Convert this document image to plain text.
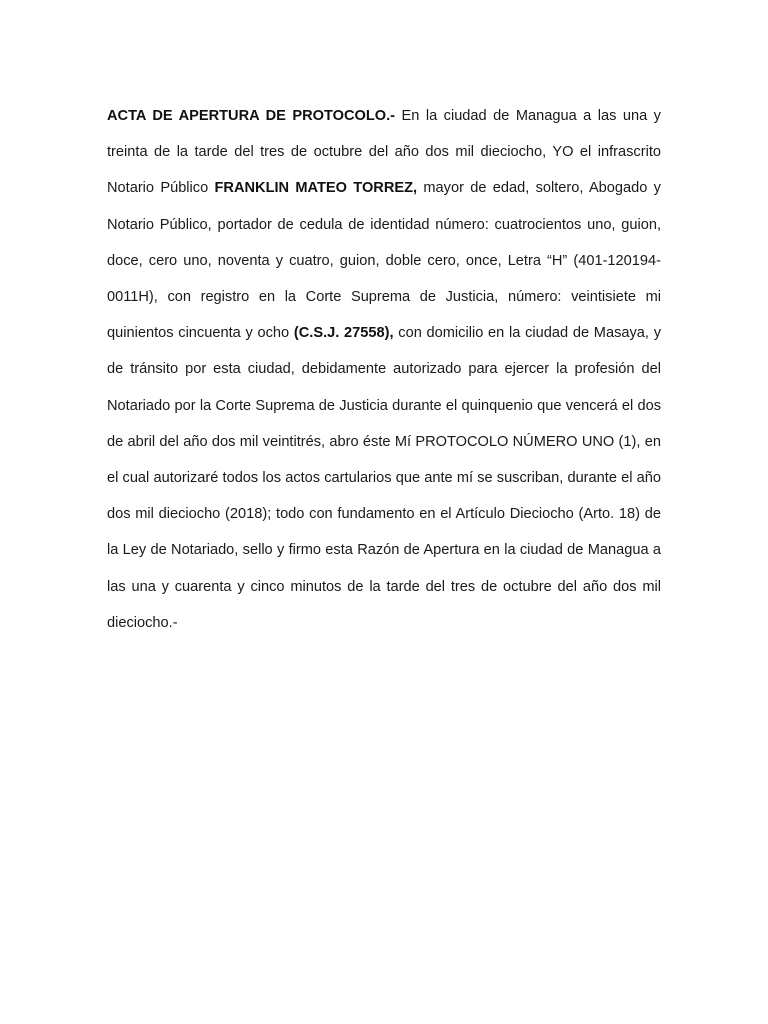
ACTA DE APERTURA DE PROTOCOLO.- En la ciudad de Managua a las una y treinta de la tarde del tres de octubre del año dos mil dieciocho, YO el infrascrito Notario Público FRANKLIN MATEO TORREZ, mayor de edad, soltero, Abogado y Notario Público, portador de cedula de identidad número: cuatrocientos uno, guion, doce, cero uno, noventa y cuatro, guion, doble cero, once, Letra “H” (401-120194-0011H), con registro en la Corte Suprema de Justicia, número: veintisiete mi quinientos cincuenta y ocho (C.S.J. 27558), con domicilio en la ciudad de Masaya, y de tránsito por esta ciudad, debidamente autorizado para ejercer la profesión del Notariado por la Corte Suprema de Justicia durante el quinquenio que vencerá el dos de abril del año dos mil veintitrés, abro éste Mí PROTOCOLO NÚMERO UNO (1), en el cual autorizaré todos los actos cartularios que ante mí se suscriban, durante el año dos mil dieciocho (2018); todo con fundamento en el Artículo Dieciocho (Arto. 18) de la Ley de Notariado, sello y firmo esta Razón de Apertura en la ciudad de Managua a las una y cuarenta y cinco minutos de la tarde del tres de octubre del año dos mil dieciocho.-
